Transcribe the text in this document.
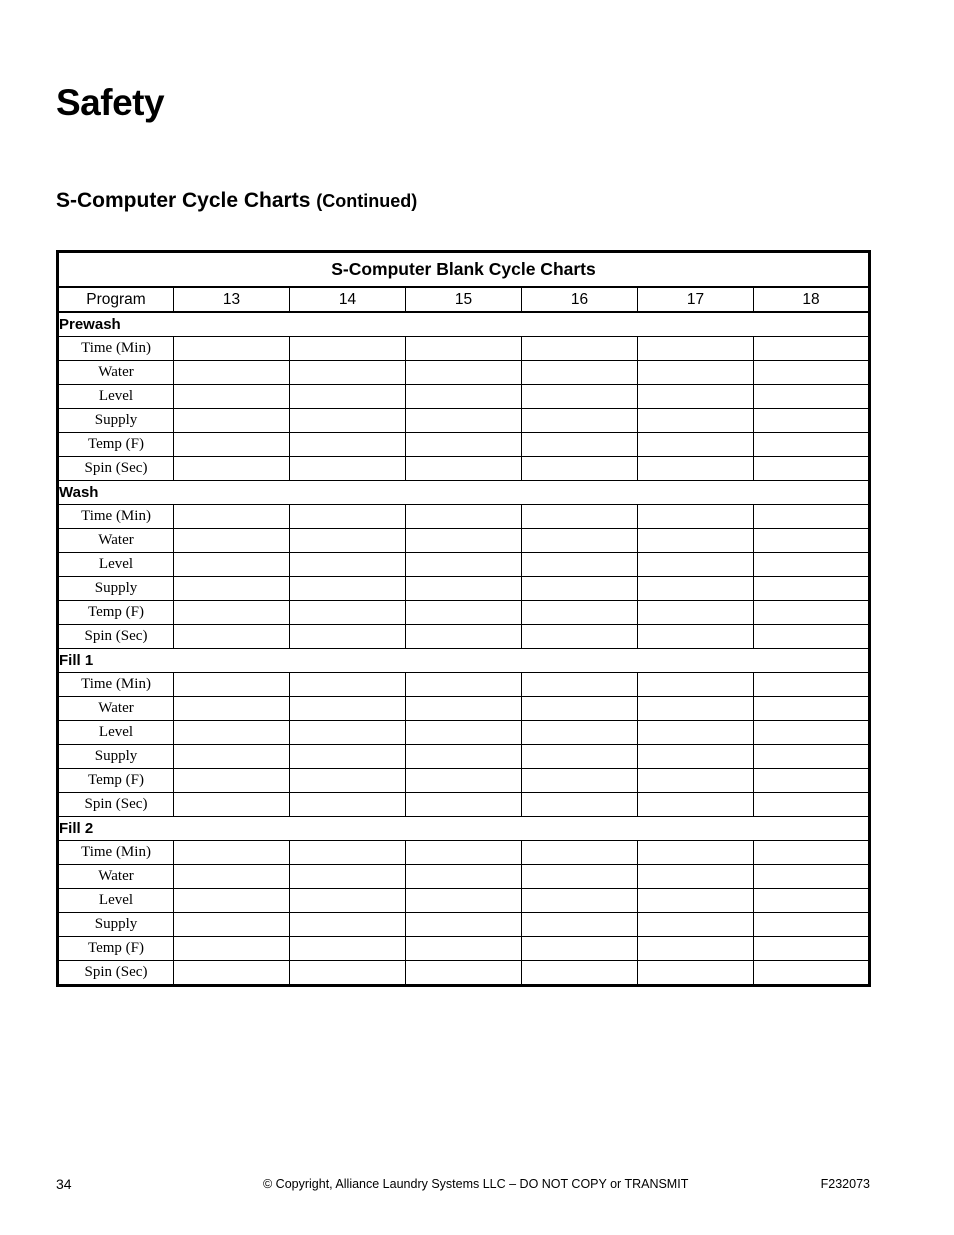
Safety
S-Computer Cycle Charts (Continued)
S-Computer Blank Cycle Charts						
Program	13	14	15	16	17	18
Prewash						
Time (Min)						
Water						
Level						
Supply						
Temp (F)						
Spin (Sec)						
Wash						
Time (Min)						
Water						
Level						
Supply						
Temp (F)						
Spin (Sec)						
Fill 1						
Time (Min)						
Water						
Level						
Supply						
Temp (F)						
Spin (Sec)						
Fill 2						
Time (Min)						
Water						
Level						
Supply						
Temp (F)						
Spin (Sec)						
34	© Copyright, Alliance Laundry Systems LLC – DO NOT COPY or TRANSMIT	F232073
